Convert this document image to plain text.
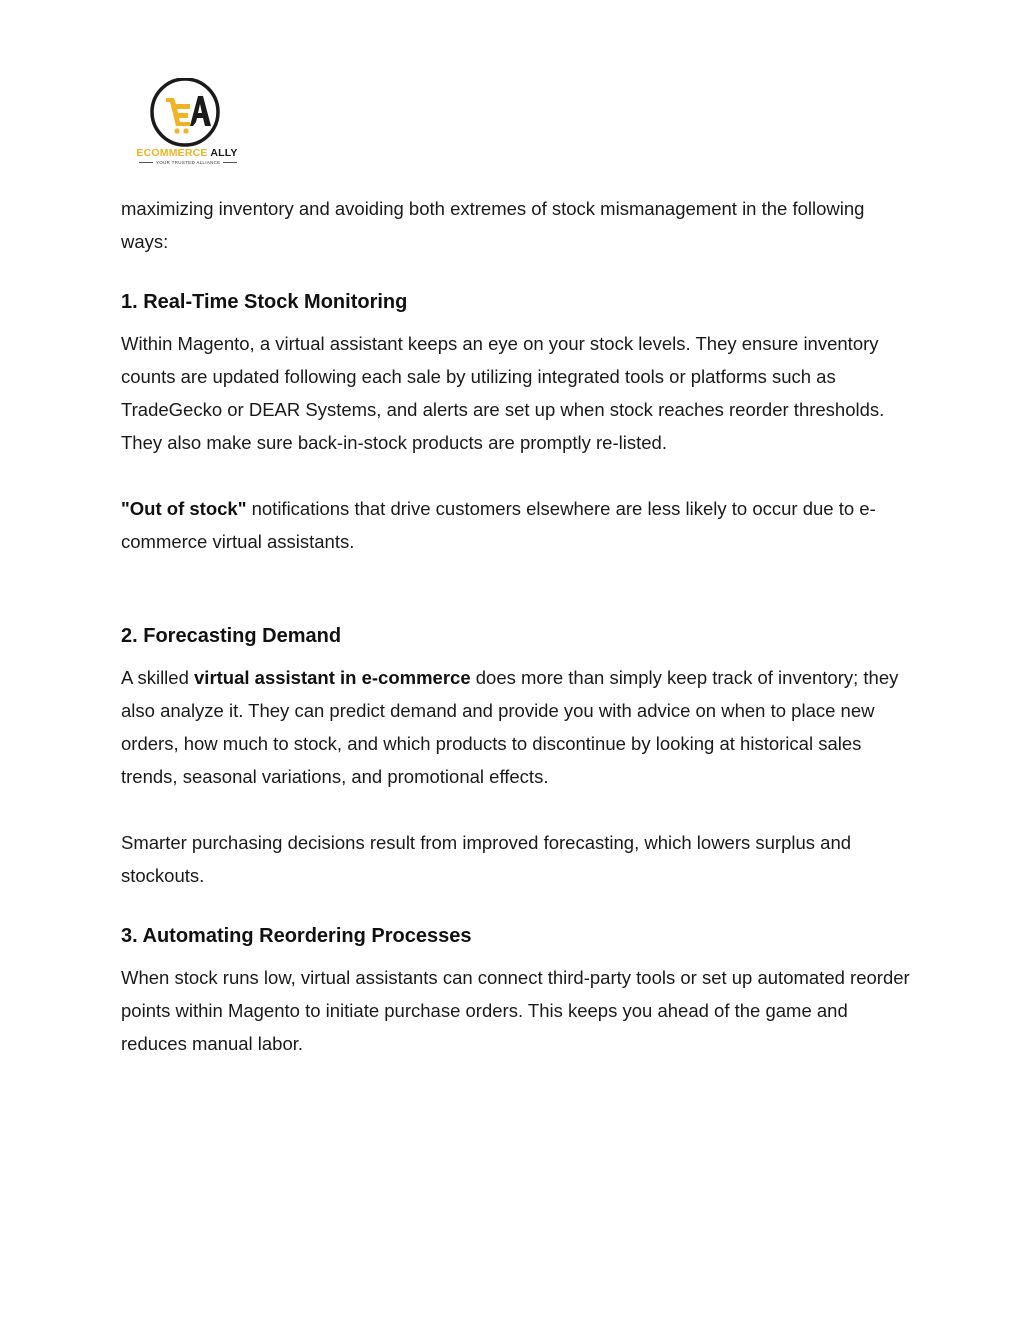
ECOMMERCE ALLY
YOUR TRUSTED ALLIANCE

maximizing inventory and avoiding both extremes of stock mismanagement in the following ways:

1. Real-Time Stock Monitoring

Within Magento, a virtual assistant keeps an eye on your stock levels. They ensure inventory counts are updated following each sale by utilizing integrated tools or platforms such as TradeGecko or DEAR Systems, and alerts are set up when stock reaches reorder thresholds. They also make sure back-in-stock products are promptly re-listed.

"Out of stock" notifications that drive customers elsewhere are less likely to occur due to e-commerce virtual assistants.

2. Forecasting Demand

A skilled virtual assistant in e-commerce does more than simply keep track of inventory; they also analyze it. They can predict demand and provide you with advice on when to place new orders, how much to stock, and which products to discontinue by looking at historical sales trends, seasonal variations, and promotional effects.

Smarter purchasing decisions result from improved forecasting, which lowers surplus and stockouts.

3. Automating Reordering Processes

When stock runs low, virtual assistants can connect third-party tools or set up automated reorder points within Magento to initiate purchase orders. This keeps you ahead of the game and reduces manual labor.
